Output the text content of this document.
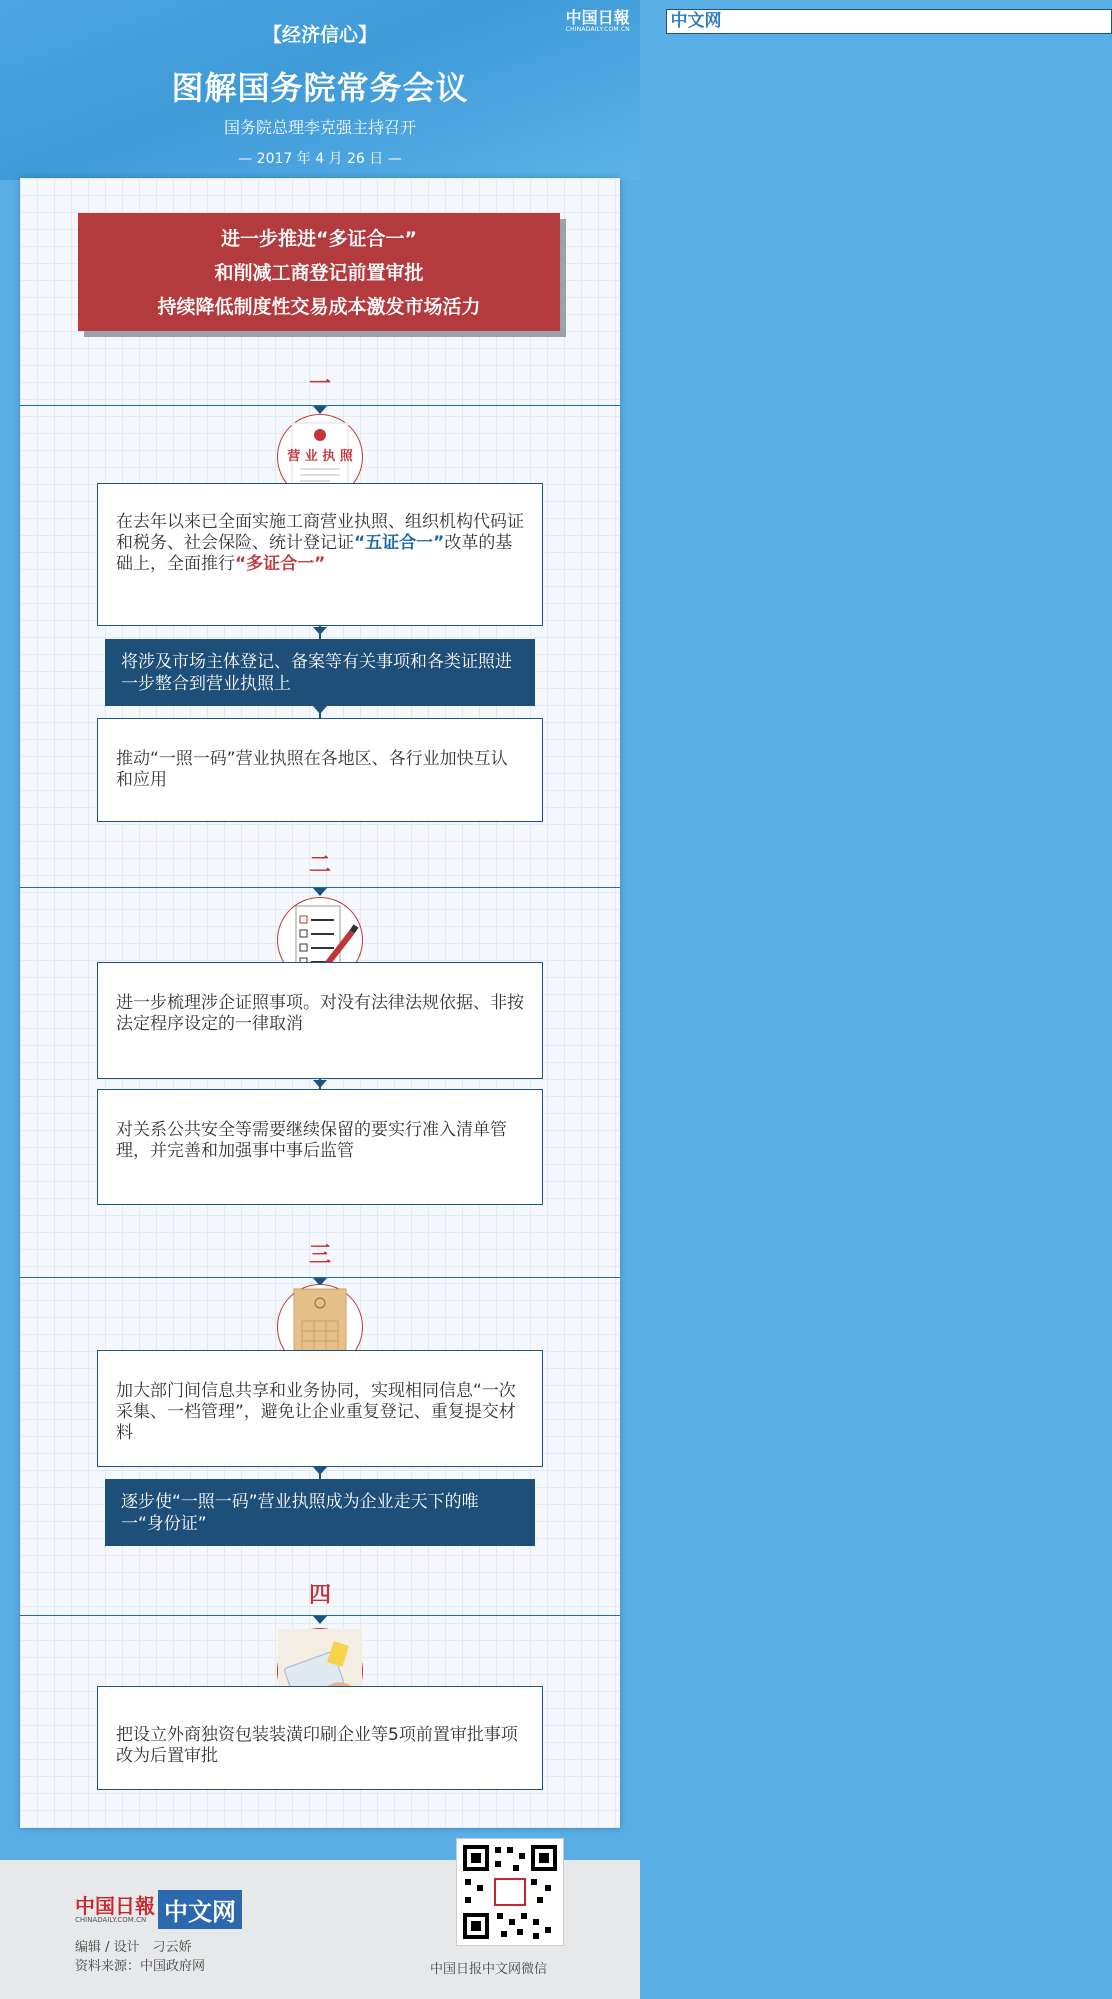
【经济信心】
中国日報
CHINADAILY.COM.CN 中文网
图解国务院常务会议
国务院总理李克强主持召开
— 2017 年 4 月 26 日 —
进一步推进“多证合一”
和削减工商登记前置审批
持续降低制度性交易成本激发市场活力
一
营 业 执 照
在去年以来已全面实施工商营业执照、组织机构代码证和税务、社会保险、统计登记证“五证合一”改革的基础上，全面推行“多证合一”
将涉及市场主体登记、备案等有关事项和各类证照进一步整合到营业执照上
推动“一照一码”营业执照在各地区、各行业加快互认和应用
二
进一步梳理涉企证照事项。对没有法律法规依据、非按法定程序设定的一律取消
对关系公共安全等需要继续保留的要实行准入清单管理，并完善和加强事中事后监管
三
加大部门间信息共享和业务协同，实现相同信息“一次采集、一档管理”，避免让企业重复登记、重复提交材料
逐步使“一照一码”营业执照成为企业走天下的唯一“身份证”
四
把设立外商独资包装装潢印刷企业等5项前置审批事项改为后置审批
中国日報
CHINADAILY.COM.CN 中文网
编辑 / 设计　刁云娇
资料来源：中国政府网	中国日报中文网微信
